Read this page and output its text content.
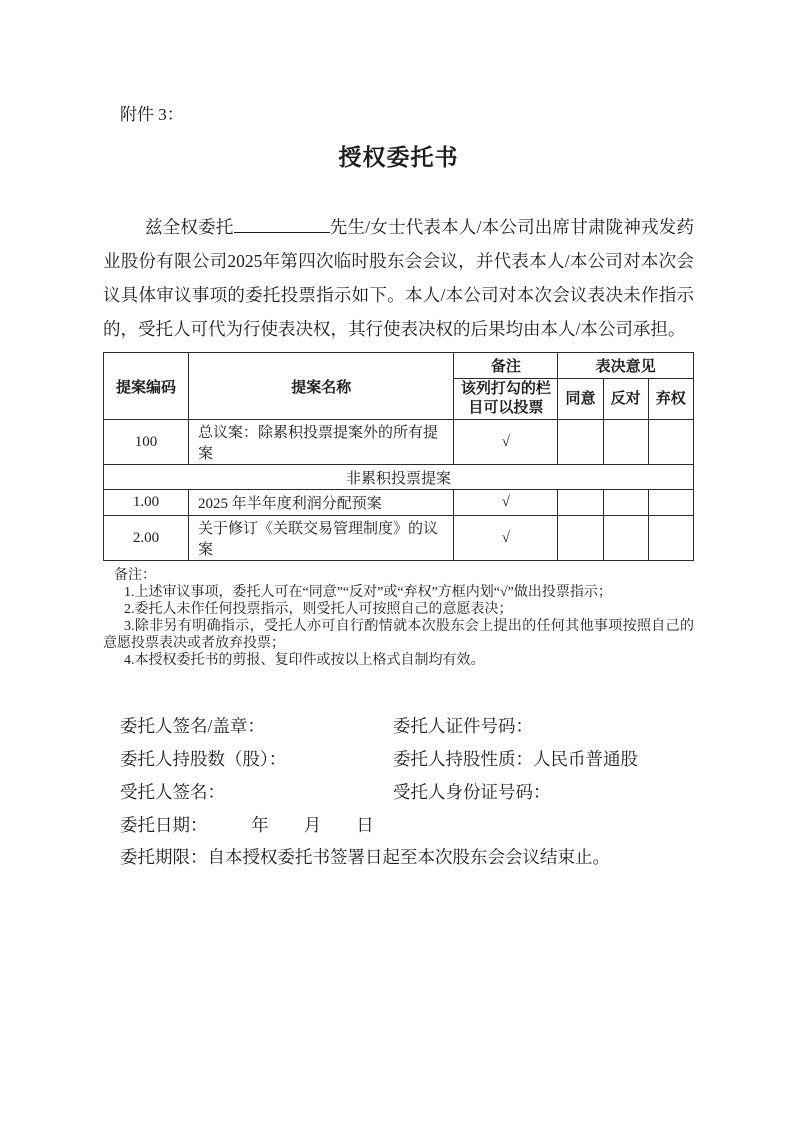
附件 3：
授权委托书

兹全权委托	先生/女士代表本人/本公司出席甘肃陇神戎发药业股份有限公司2025年第四次临时股东会会议，并代表本人/本公司对本次会议具体审议事项的委托投票指示如下。本人/本公司对本次会议表决未作指示的，受托人可代为行使表决权，其行使表决权的后果均由本人/本公司承担。

提案编码	提案名称	备注	表决意见		
		该列打勾的栏目可以投票	同意	反对	弃权
100	总议案：除累积投票提案外的所有提案	√			
非累积投票提案					
1.00	2025 年半年度利润分配预案	√			
2.00	关于修订《关联交易管理制度》的议案	√			
备注：
1.上述审议事项，委托人可在“同意”“反对”或“弃权”方框内划“√”做出投票指示；
2.委托人未作任何投票指示，则受托人可按照自己的意愿表决；
3.除非另有明确指示，受托人亦可自行酌情就本次股东会上提出的任何其他事项按照自己的意愿投票表决或者放弃投票；
4.本授权委托书的剪报、复印件或按以上格式自制均有效。
委托人签名/盖章：	委托人证件号码：
委托人持股数（股）：	委托人持股性质：人民币普通股
受托人签名：	受托人身份证号码：
委托日期：　　　年　　月　　日
委托期限：自本授权委托书签署日起至本次股东会会议结束止。
